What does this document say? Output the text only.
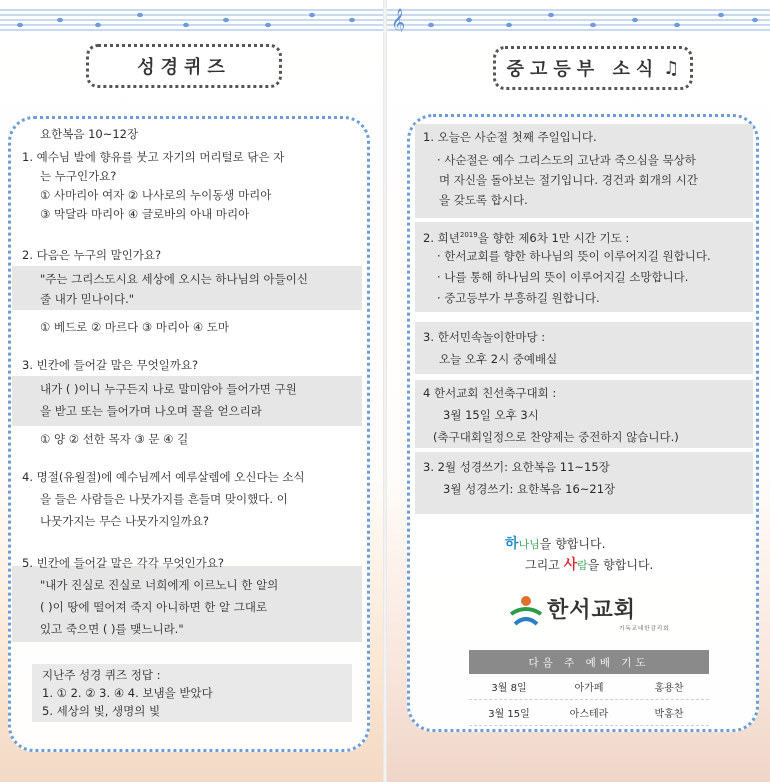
성경퀴즈
요한복음 10~12장
1. 예수님 발에 향유를 붓고 자기의 머리털로 닦은 자
는 누구인가요?
① 사마리아 여자 ② 나사로의 누이동생 마리아
③ 막달라 마리아 ④ 글로바의 아내 마리아
2. 다음은 누구의 말인가요?
"주는 그리스도시요 세상에 오시는 하나님의 아들이신
줄 내가 믿나이다."
① 베드로 ② 마르다 ③ 마리아 ④ 도마
3. 빈칸에 들어갈 말은 무엇일까요?
내가 ( )이니 누구든지 나로 말미암아 들어가면 구원
을 받고 또는 들어가며 나오며 꼴을 얻으리라
① 양 ② 선한 목자 ③ 문 ④ 길
4. 명절(유월절)에 예수님께서 예루살렘에 오신다는 소식
을 들은 사람들은 나뭇가지를 흔들며 맞이했다. 이
나뭇가지는 무슨 나뭇가지일까요?
5. 빈칸에 들어갈 말은 각각 무엇인가요?
"내가 진실로 진실로 너희에게 이르노니 한 알의
( )이 땅에 떨어져 죽지 아니하면 한 알 그대로
있고 죽으면 ( )를 맺느니라."
지난주 성경 퀴즈 정답 :
1. ① 2. ② 3. ④ 4. 보냄을 받았다
5. 세상의 빛, 생명의 빛
𝄞
중고등부 소식 ♫
1. 오늘은 사순절 첫째 주일입니다.
· 사순절은 예수 그리스도의 고난과 죽으심을 묵상하
며 자신을 돌아보는 절기입니다. 경건과 회개의 시간
을 갖도록 합시다.
2. 희년$^{2019}$을 향한 제6차 1만 시간 기도 :
· 한서교회를 향한 하나님의 뜻이 이루어지길 원합니다.
· 나를 통해 하나님의 뜻이 이루어지길 소망합니다.
· 중고등부가 부흥하길 원합니다.
3. 한서민속놀이한마당 :
오늘 오후 2시 중예배실
4 한서교회 친선축구대회 :
3월 15일 오후 3시
(축구대회일정으로 찬양제는 중전하지 않습니다.)
3. 2월 성경쓰기: 요한복음 11~15장
3월 성경쓰기: 요한복음 16~21장
하나님을 향합니다.
그리고 사람을 향합니다.
한서교회
기독교대한감리회
다음 주 예배 기도
3월 8일	아가페	홍용찬
3월 15일	아스테라	박홍찬
